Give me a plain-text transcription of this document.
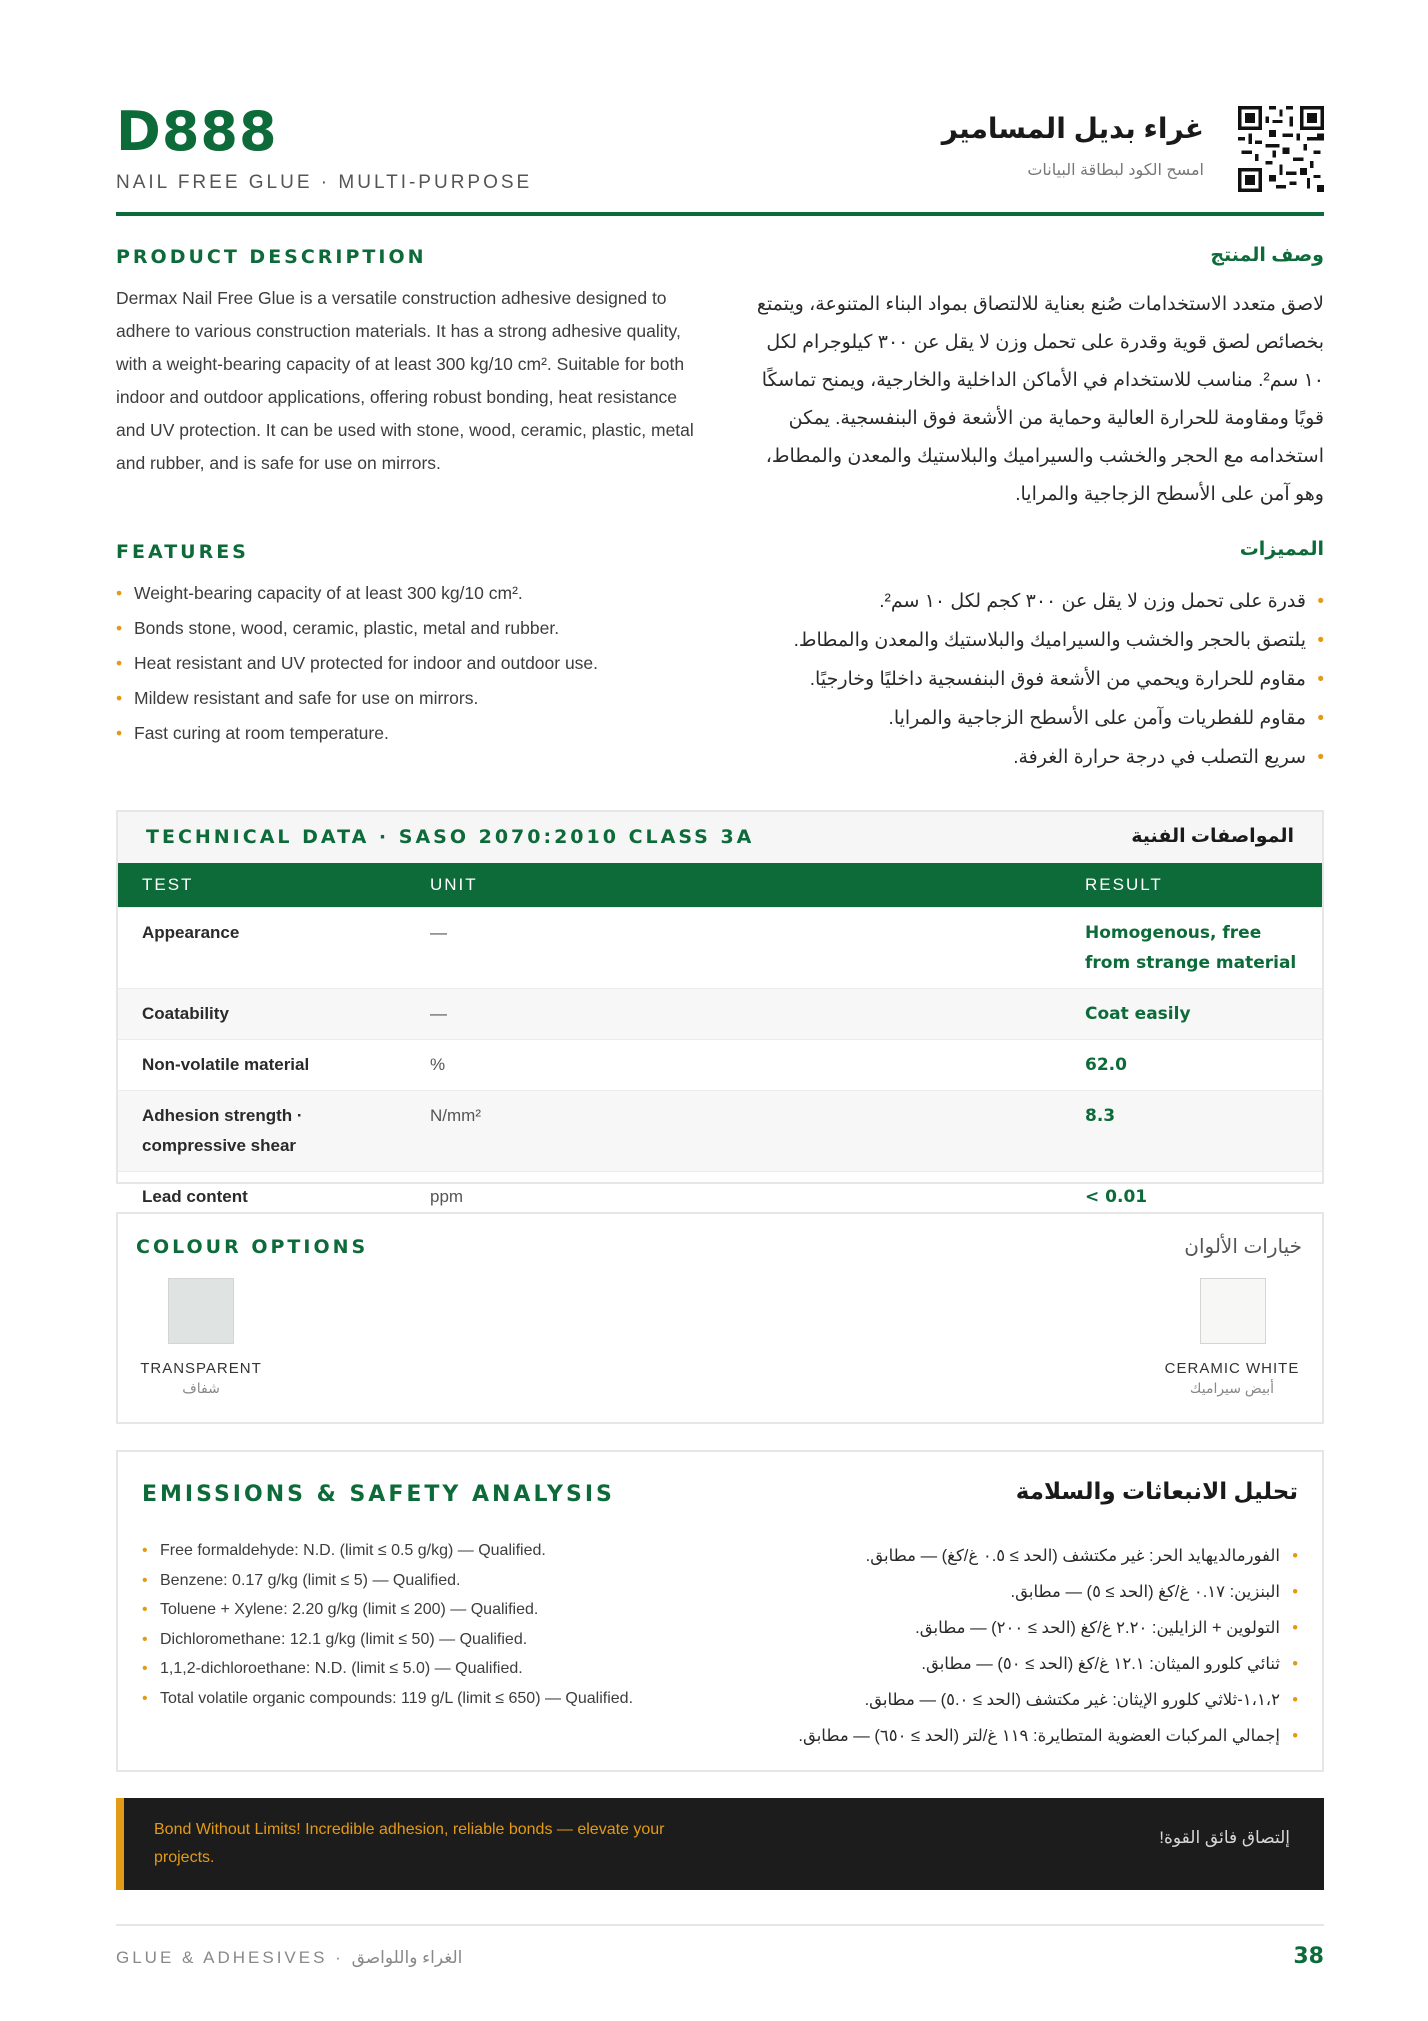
D888
NAIL FREE GLUE · MULTI-PURPOSE
غراء بديل المسامير
امسح الكود لبطاقة البيانات
PRODUCT DESCRIPTION	وصف المنتج

Dermax Nail Free Glue is a versatile construction adhesive designed to adhere to various construction materials. It has a strong adhesive quality, with a weight-bearing capacity of at least 300 kg/10 cm². Suitable for both indoor and outdoor applications, offering robust bonding, heat resistance and UV protection. It can be used with stone, wood, ceramic, plastic, metal and rubber, and is safe for use on mirrors.

لاصق متعدد الاستخدامات صُنع بعناية للالتصاق بمواد البناء المتنوعة، ويتمتع بخصائص لصق قوية وقدرة على تحمل وزن لا يقل عن ٣٠٠ كيلوجرام لكل ١٠ سم². مناسب للاستخدام في الأماكن الداخلية والخارجية، ويمنح تماسكًا قويًا ومقاومة للحرارة العالية وحماية من الأشعة فوق البنفسجية. يمكن استخدامه مع الحجر والخشب والسيراميك والبلاستيك والمعدن والمطاط، وهو آمن على الأسطح الزجاجية والمرايا.

FEATURES	المميزات
• Weight-bearing capacity of at least 300 kg/10 cm².
• Bonds stone, wood, ceramic, plastic, metal and rubber.
• Heat resistant and UV protected for indoor and outdoor use.
• Mildew resistant and safe for use on mirrors.
• Fast curing at room temperature.
• قدرة على تحمل وزن لا يقل عن ٣٠٠ كجم لكل ١٠ سم².
• يلتصق بالحجر والخشب والسيراميك والبلاستيك والمعدن والمطاط.
• مقاوم للحرارة ويحمي من الأشعة فوق البنفسجية داخليًا وخارجيًا.
• مقاوم للفطريات وآمن على الأسطح الزجاجية والمرايا.
• سريع التصلب في درجة حرارة الغرفة.
TECHNICAL DATA · SASO 2070:2010 CLASS 3A	المواصفات الفنية
TEST	UNIT	RESULT
Appearance	—	Homogenous, free from strange material
Coatability	—	Coat easily
Non-volatile material	%	62.0
Adhesion strength · compressive shear	N/mm²	8.3
Lead content	ppm	< 0.01
COLOUR OPTIONS	خيارات الألوان
TRANSPARENT
شفاف
CERAMIC WHITE
أبيض سيراميك
EMISSIONS & SAFETY ANALYSIS	تحليل الانبعاثات والسلامة
• Free formaldehyde: N.D. (limit ≤ 0.5 g/kg) — Qualified.
• Benzene: 0.17 g/kg (limit ≤ 5) — Qualified.
• Toluene + Xylene: 2.20 g/kg (limit ≤ 200) — Qualified.
• Dichloromethane: 12.1 g/kg (limit ≤ 50) — Qualified.
• 1,1,2-dichloroethane: N.D. (limit ≤ 5.0) — Qualified.
• Total volatile organic compounds: 119 g/L (limit ≤ 650) — Qualified.
• الفورمالديهايد الحر: غير مكتشف (الحد ≥ ٠.٥ غ/كغ) — مطابق.
• البنزين: ٠.١٧ غ/كغ (الحد ≥ ٥) — مطابق.
• التولوين + الزايلين: ٢.٢٠ غ/كغ (الحد ≥ ٢٠٠) — مطابق.
• ثنائي كلورو الميثان: ١٢.١ غ/كغ (الحد ≥ ٥٠) — مطابق.
• ١،١،٢-ثلاثي كلورو الإيثان: غير مكتشف (الحد ≥ ٥.٠) — مطابق.
• إجمالي المركبات العضوية المتطايرة: ١١٩ غ/لتر (الحد ≥ ٦٥٠) — مطابق.
Bond Without Limits! Incredible adhesion, reliable bonds — elevate your projects.
إلتصاق فائق القوة!
GLUE & ADHESIVES · الغراء واللواصق	38
